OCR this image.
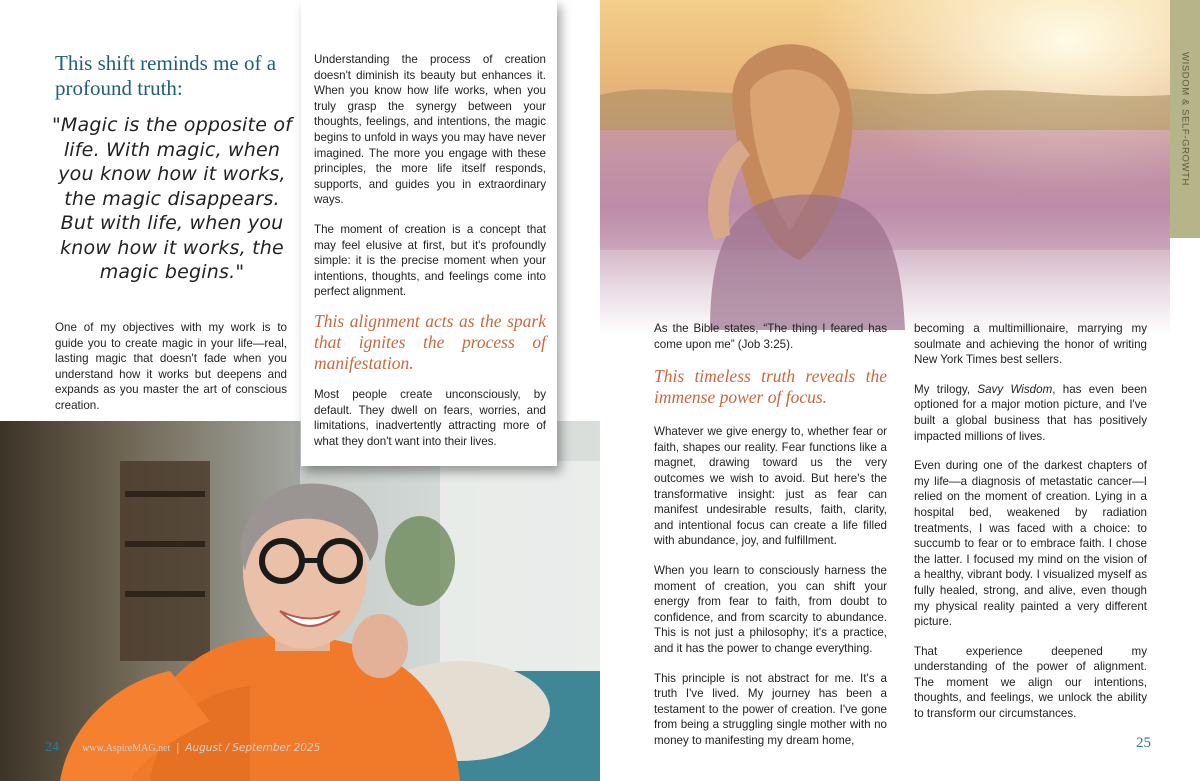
This shift reminds me of a profound truth:
"Magic is the opposite of life. With magic, when you know how it works, the magic disappears. But with life, when you know how it works, the magic begins."
One of my objectives with my work is to guide you to create magic in your life—real, lasting magic that doesn't fade when you understand how it works but deepens and expands as you master the art of conscious creation.

Understanding the process of creation doesn't diminish its beauty but enhances it. When you know how life works, when you truly grasp the synergy between your thoughts, feelings, and intentions, the magic begins to unfold in ways you may have never imagined. The more you engage with these principles, the more life itself responds, supports, and guides you in extraordinary ways.

The moment of creation is a concept that may feel elusive at first, but it's profoundly simple: it is the precise moment when your intentions, thoughts, and feelings come into perfect alignment.

This alignment acts as the spark that ignites the process of manifestation.

Most people create unconsciously, by default. They dwell on fears, worries, and limitations, inadvertently attracting more of what they don't want into their lives.

24 www.AspireMAG.net | August / September 2025
WISDOM & SELF-GROWTH

As the Bible states, “The thing I feared has come upon me” (Job 3:25).

This timeless truth reveals the immense power of focus.

Whatever we give energy to, whether fear or faith, shapes our reality. Fear functions like a magnet, drawing toward us the very outcomes we wish to avoid. But here's the transformative insight: just as fear can manifest undesirable results, faith, clarity, and intentional focus can create a life filled with abundance, joy, and fulfillment.

When you learn to consciously harness the moment of creation, you can shift your energy from fear to faith, from doubt to confidence, and from scarcity to abundance. This is not just a philosophy; it's a practice, and it has the power to change everything.

This principle is not abstract for me. It's a truth I've lived. My journey has been a testament to the power of creation. I've gone from being a struggling single mother with no money to manifesting my dream home,

becoming a multimillionaire, marrying my soulmate and achieving the honor of writing New York Times best sellers.

My trilogy, Savy Wisdom, has even been optioned for a major motion picture, and I've built a global business that has positively impacted millions of lives.

Even during one of the darkest chapters of my life—a diagnosis of metastatic cancer—I relied on the moment of creation. Lying in a hospital bed, weakened by radiation treatments, I was faced with a choice: to succumb to fear or to embrace faith. I chose the latter. I focused my mind on the vision of a healthy, vibrant body. I visualized myself as fully healed, strong, and alive, even though my physical reality painted a very different picture.

That experience deepened my understanding of the power of alignment. The moment we align our intentions, thoughts, and feelings, we unlock the ability to transform our circumstances.

25
